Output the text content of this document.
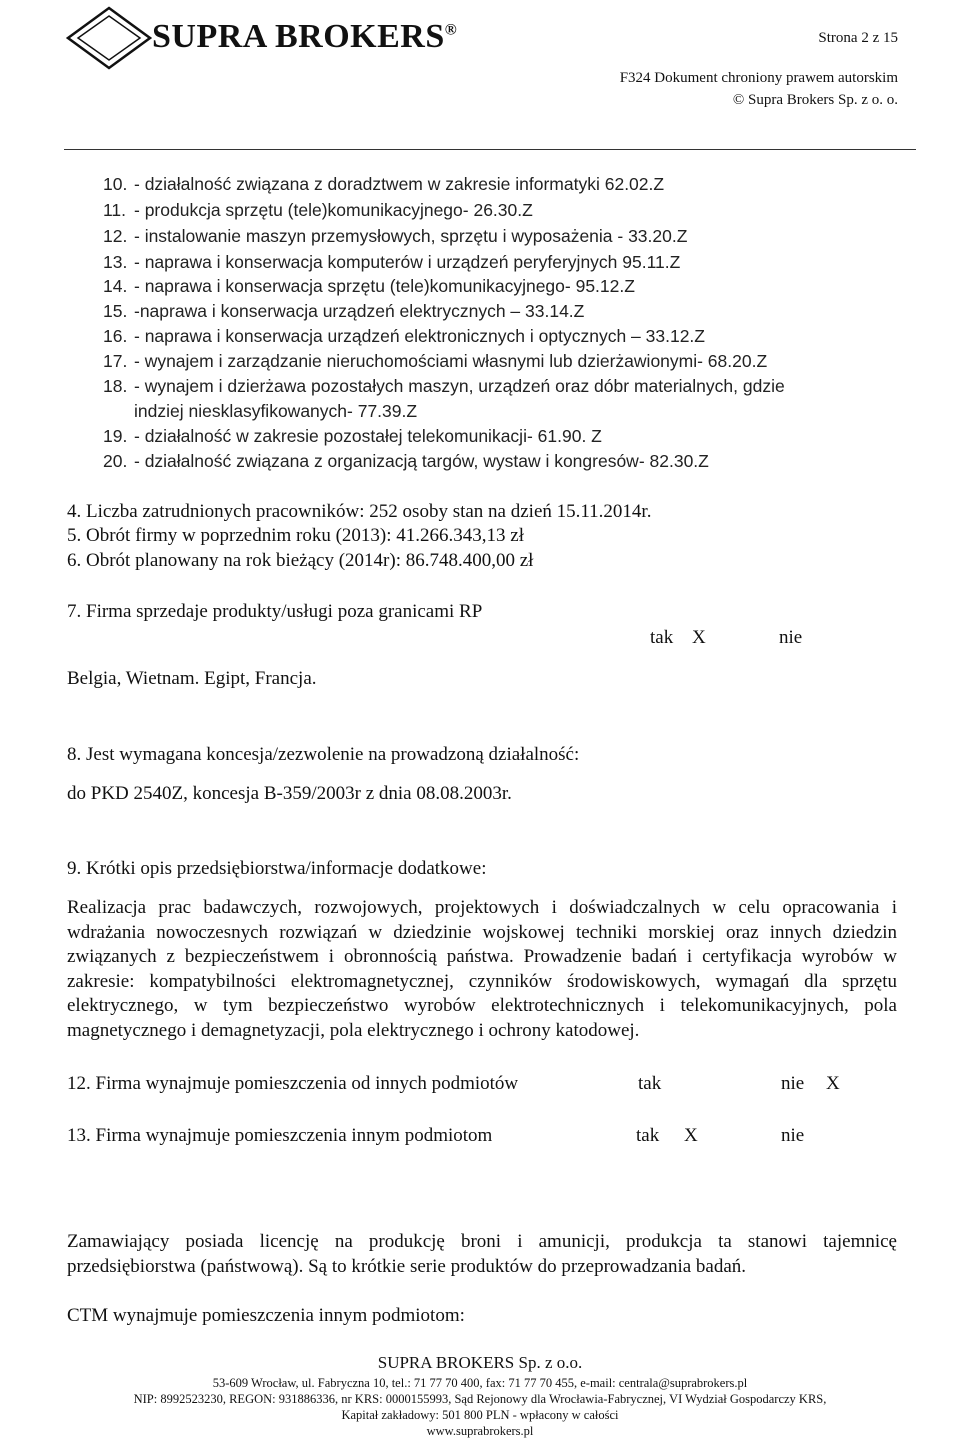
SUPRA BROKERS®	Strona 2 z 15
F324 Dokument chroniony prawem autorskim
© Supra Brokers Sp. z o. o.
10. - działalność związana z doradztwem w zakresie informatyki 62.02.Z
11. - produkcja sprzętu (tele)komunikacyjnego- 26.30.Z
12. - instalowanie maszyn przemysłowych, sprzętu i wyposażenia - 33.20.Z
13. - naprawa i konserwacja komputerów i urządzeń peryferyjnych 95.11.Z
14. - naprawa i konserwacja sprzętu (tele)komunikacyjnego- 95.12.Z
15. -naprawa i konserwacja urządzeń elektrycznych – 33.14.Z
16. - naprawa i konserwacja urządzeń elektronicznych i optycznych – 33.12.Z
17. - wynajem i zarządzanie nieruchomościami własnymi lub dzierżawionymi- 68.20.Z
18. - wynajem i dzierżawa pozostałych maszyn, urządzeń oraz dóbr materialnych, gdzie
indziej niesklasyfikowanych- 77.39.Z
19. - działalność w zakresie pozostałej telekomunikacji- 61.90. Z
20. - działalność związana z organizacją targów, wystaw i kongresów- 82.30.Z
4. Liczba zatrudnionych pracowników: 252 osoby stan na dzień 15.11.2014r.
5. Obrót firmy w poprzednim roku (2013): 41.266.343,13 zł
6. Obrót planowany na rok bieżący (2014r): 86.748.400,00 zł
7. Firma sprzedaje produkty/usługi poza granicami RP
tak X	nie
Belgia, Wietnam. Egipt, Francja.
8. Jest wymagana koncesja/zezwolenie na prowadzoną działalność:
do PKD 2540Z, koncesja B-359/2003r z dnia 08.08.2003r.
9. Krótki opis przedsiębiorstwa/informacje dodatkowe:
Realizacja prac badawczych, rozwojowych, projektowych i doświadczalnych w celu opracowania i wdrażania nowoczesnych rozwiązań w dziedzinie wojskowej techniki morskiej oraz innych dziedzin związanych z bezpieczeństwem i obronnością państwa. Prowadzenie badań i certyfikacja wyrobów w zakresie: kompatybilności elektromagnetycznej, czynników środowiskowych, wymagań dla sprzętu elektrycznego, w tym bezpieczeństwo wyrobów elektrotechnicznych i telekomunikacyjnych, pola magnetycznego i demagnetyzacji, pola elektrycznego i ochrony katodowej.
12. Firma wynajmuje pomieszczenia od innych podmiotów	tak	nie X
13. Firma wynajmuje pomieszczenia innym podmiotom	tak X	nie
Zamawiający posiada licencję na produkcję broni i amunicji, produkcja ta stanowi tajemnicę przedsiębiorstwa (państwową). Są to krótkie serie produktów do przeprowadzania badań.
CTM wynajmuje pomieszczenia innym podmiotom:
SUPRA BROKERS Sp. z o.o.
53-609 Wrocław, ul. Fabryczna 10, tel.: 71 77 70 400, fax: 71 77 70 455, e-mail: centrala@suprabrokers.pl
NIP: 8992523230, REGON: 931886336, nr KRS: 0000155993, Sąd Rejonowy dla Wrocławia-Fabrycznej, VI Wydział Gospodarczy KRS,
Kapitał zakładowy: 501 800 PLN - wpłacony w całości
www.suprabrokers.pl
